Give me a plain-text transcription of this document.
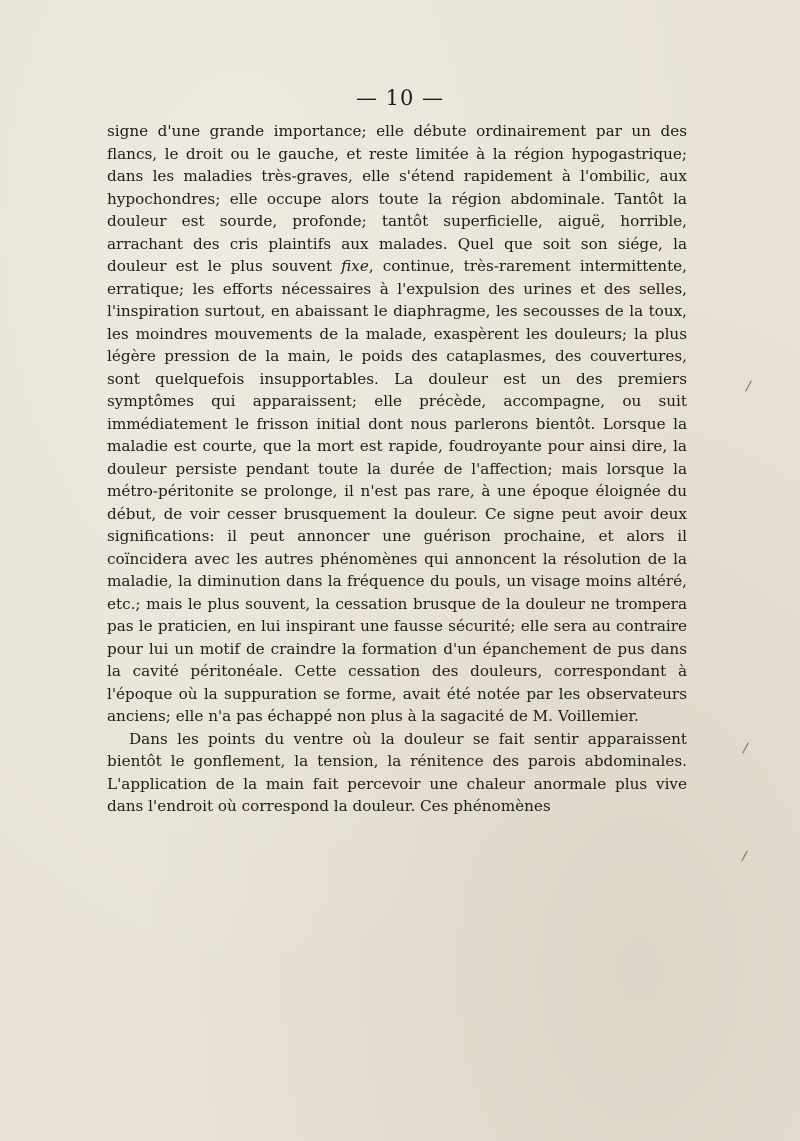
— 10 —

signe d'une grande importance; elle débute ordinairement par un des flancs, le droit ou le gauche, et reste limitée à la région hypogastrique; dans les maladies très-graves, elle s'étend rapidement à l'ombilic, aux hypochondres; elle occupe alors toute la région abdominale. Tantôt la douleur est sourde, profonde; tantôt superficielle, aiguë, horrible, arrachant des cris plaintifs aux malades. Quel que soit son siége, la douleur est le plus souvent fixe, continue, très-rarement intermittente, erratique; les efforts nécessaires à l'expulsion des urines et des selles, l'inspiration surtout, en abaissant le diaphragme, les secousses de la toux, les moindres mouvements de la malade, exaspèrent les douleurs; la plus légère pression de la main, le poids des cataplasmes, des couvertures, sont quelquefois insupportables. La douleur est un des premiers symptômes qui apparaissent; elle précède, accompagne, ou suit immédiatement le frisson initial dont nous parlerons bientôt. Lorsque la maladie est courte, que la mort est rapide, foudroyante pour ainsi dire, la douleur persiste pendant toute la durée de l'affection; mais lorsque la métro-péritonite se prolonge, il n'est pas rare, à une époque éloignée du début, de voir cesser brusquement la douleur. Ce signe peut avoir deux significations: il peut annoncer une guérison prochaine, et alors il coïncidera avec les autres phénomènes qui annoncent la résolution de la maladie, la diminution dans la fréquence du pouls, un visage moins altéré, etc.; mais le plus souvent, la cessation brusque de la douleur ne trompera pas le praticien, en lui inspirant une fausse sécurité; elle sera au contraire pour lui un motif de craindre la formation d'un épanchement de pus dans la cavité péritonéale. Cette cessation des douleurs, correspondant à l'époque où la suppuration se forme, avait été notée par les observateurs anciens; elle n'a pas échappé non plus à la sagacité de M. Voillemier.

Dans les points du ventre où la douleur se fait sentir apparaissent bientôt le gonflement, la tension, la rénitence des parois abdominales. L'application de la main fait percevoir une chaleur anormale plus vive dans l'endroit où correspond la douleur. Ces phénomènes
